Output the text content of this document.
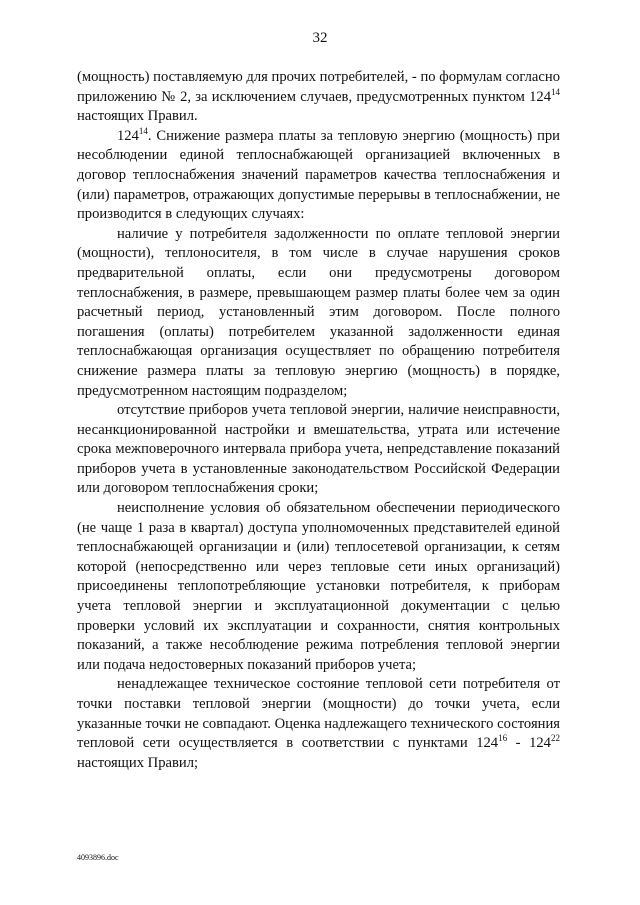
32

(мощность) поставляемую для прочих потребителей, - по формулам согласно приложению № 2, за исключением случаев, предусмотренных пунктом $124^{14}$ настоящих Правил.

$124^{14}$. Снижение размера платы за тепловую энергию (мощность) при несоблюдении единой теплоснабжающей организацией включенных в договор теплоснабжения значений параметров качества теплоснабжения и (или) параметров, отражающих допустимые перерывы в теплоснабжении, не производится в следующих случаях:

наличие у потребителя задолженности по оплате тепловой энергии (мощности), теплоносителя, в том числе в случае нарушения сроков предварительной оплаты, если они предусмотрены договором теплоснабжения, в размере, превышающем размер платы более чем за один расчетный период, установленный этим договором. После полного погашения (оплаты) потребителем указанной задолженности единая теплоснабжающая организация осуществляет по обращению потребителя снижение размера платы за тепловую энергию (мощность) в порядке, предусмотренном настоящим подразделом;

отсутствие приборов учета тепловой энергии, наличие неисправности, несанкционированной настройки и вмешательства, утрата или истечение срока межповерочного интервала прибора учета, непредставление показаний приборов учета в установленные законодательством Российской Федерации или договором теплоснабжения сроки;

неисполнение условия об обязательном обеспечении периодического (не чаще 1 раза в квартал) доступа уполномоченных представителей единой теплоснабжающей организации и (или) теплосетевой организации, к сетям которой (непосредственно или через тепловые сети иных организаций) присоединены теплопотребляющие установки потребителя, к приборам учета тепловой энергии и эксплуатационной документации с целью проверки условий их эксплуатации и сохранности, снятия контрольных показаний, а также несоблюдение режима потребления тепловой энергии или подача недостоверных показаний приборов учета;

ненадлежащее техническое состояние тепловой сети потребителя от точки поставки тепловой энергии (мощности) до точки учета, если указанные точки не совпадают. Оценка надлежащего технического состояния тепловой сети осуществляется в соответствии с пунктами $124^{16} - 124^{22}$ настоящих Правил;

4093896.doc
